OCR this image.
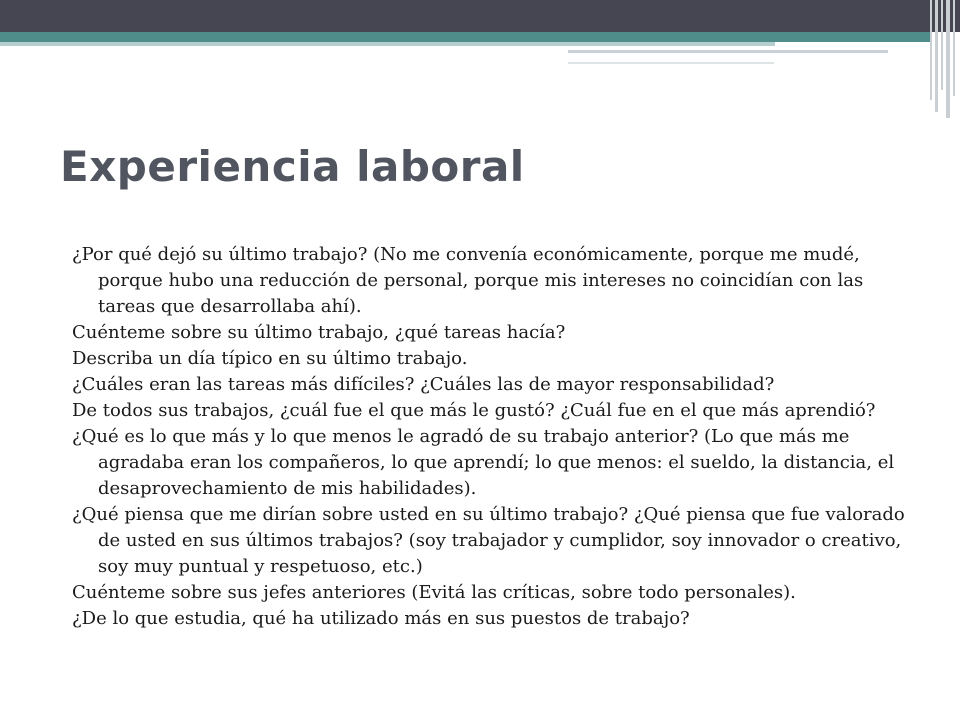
Experiencia laboral
¿Por qué dejó su último trabajo? (No me convenía económicamente, porque me mudé, porque hubo una reducción de personal, porque mis intereses no coincidían con las tareas que desarrollaba ahí).
Cuénteme sobre su último trabajo, ¿qué tareas hacía?
Describa un día típico en su último trabajo.
¿Cuáles eran las tareas más difíciles? ¿Cuáles las de mayor responsabilidad?
De todos sus trabajos, ¿cuál fue el que más le gustó? ¿Cuál fue en el que más aprendió?
¿Qué es lo que más y lo que menos le agradó de su trabajo anterior? (Lo que más me agradaba eran los compañeros, lo que aprendí; lo que menos: el sueldo, la distancia, el desaprovechamiento de mis habilidades).
¿Qué piensa que me dirían sobre usted en su último trabajo? ¿Qué piensa que fue valorado de usted en sus últimos trabajos? (soy trabajador y cumplidor, soy innovador o creativo, soy muy puntual y respetuoso, etc.)
Cuénteme sobre sus jefes anteriores (Evitá las críticas, sobre todo personales).
¿De lo que estudia, qué ha utilizado más en sus puestos de trabajo?
